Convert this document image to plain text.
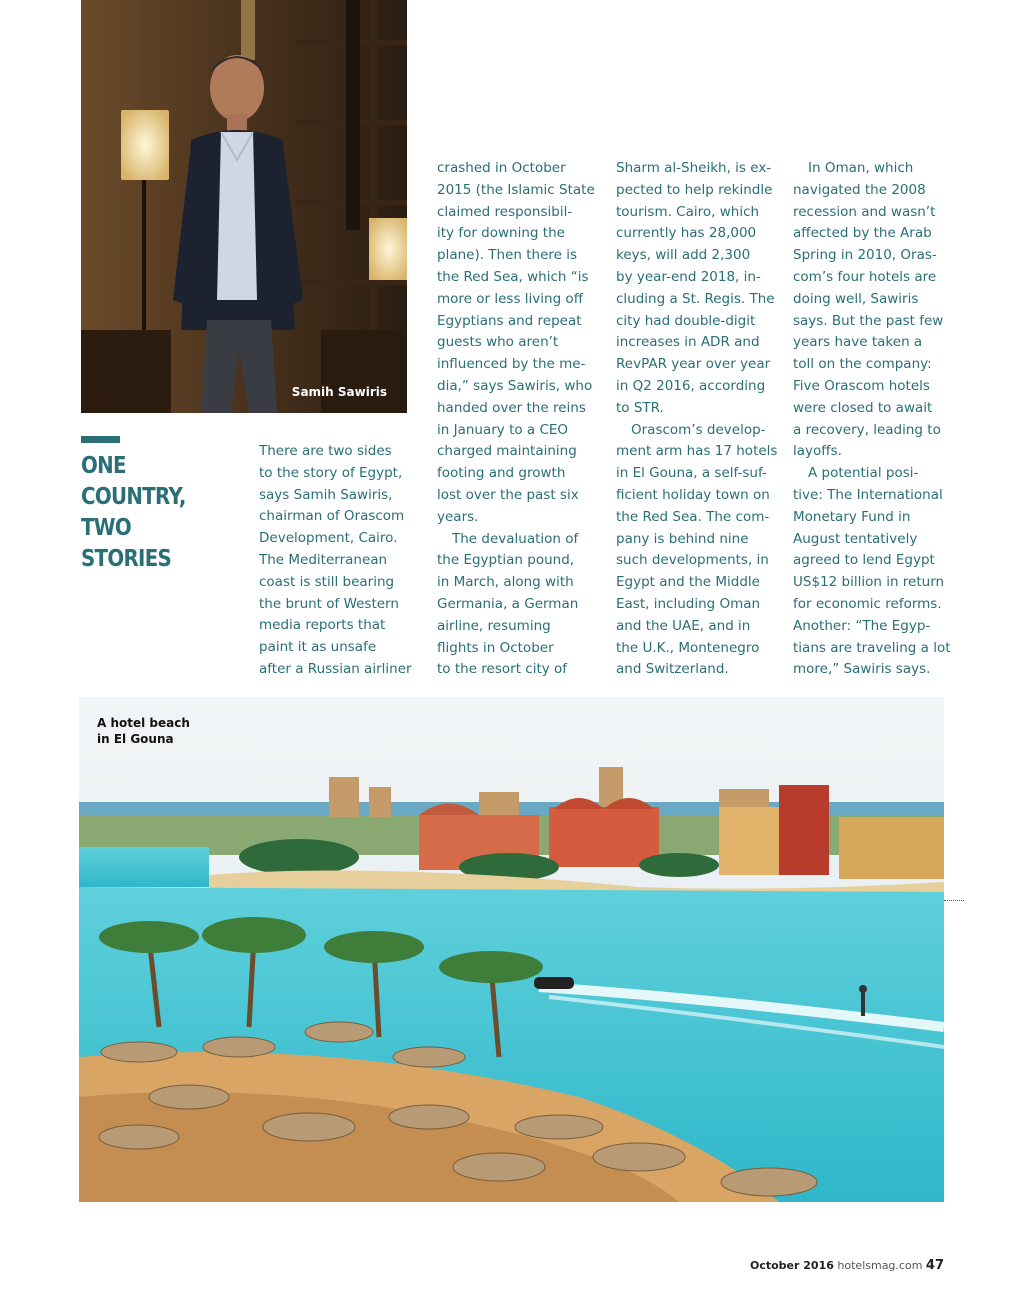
Samih Sawiris
ONE COUNTRY,
TWO STORIES
There are two sides
to the story of Egypt,
says Samih Sawiris,
chairman of Orascom
Development, Cairo.
The Mediterranean
coast is still bearing
the brunt of Western
media reports that
paint it as unsafe
after a Russian airliner
crashed in October
2015 (the Islamic State
claimed responsibil-
ity for downing the
plane). Then there is
the Red Sea, which “is
more or less living off
Egyptians and repeat
guests who aren’t
influenced by the me-
dia,” says Sawiris, who
handed over the reins
in January to a CEO
charged maintaining
footing and growth
lost over the past six
years.
The devaluation of
the Egyptian pound,
in March, along with
Germania, a German
airline, resuming
flights in October
to the resort city of
Sharm al-Sheikh, is ex-
pected to help rekindle
tourism. Cairo, which
currently has 28,000
keys, will add 2,300
by year-end 2018, in-
cluding a St. Regis. The
city had double-digit
increases in ADR and
RevPAR year over year
in Q2 2016, according
to STR.
Orascom’s develop-
ment arm has 17 hotels
in El Gouna, a self-suf-
ficient holiday town on
the Red Sea. The com-
pany is behind nine
such developments, in
Egypt and the Middle
East, including Oman
and the UAE, and in
the U.K., Montenegro
and Switzerland.
In Oman, which
navigated the 2008
recession and wasn’t
affected by the Arab
Spring in 2010, Oras-
com’s four hotels are
doing well, Sawiris
says. But the past few
years have taken a
toll on the company:
Five Orascom hotels
were closed to await
a recovery, leading to
layoffs.
A potential posi-
tive: The International
Monetary Fund in
August tentatively
agreed to lend Egypt
US$12 billion in return
for economic reforms.
Another: “The Egyp-
tians are traveling a lot
more,” Sawiris says.
A hotel beach
in El Gouna
October 2016 hotelsmag.com 47
